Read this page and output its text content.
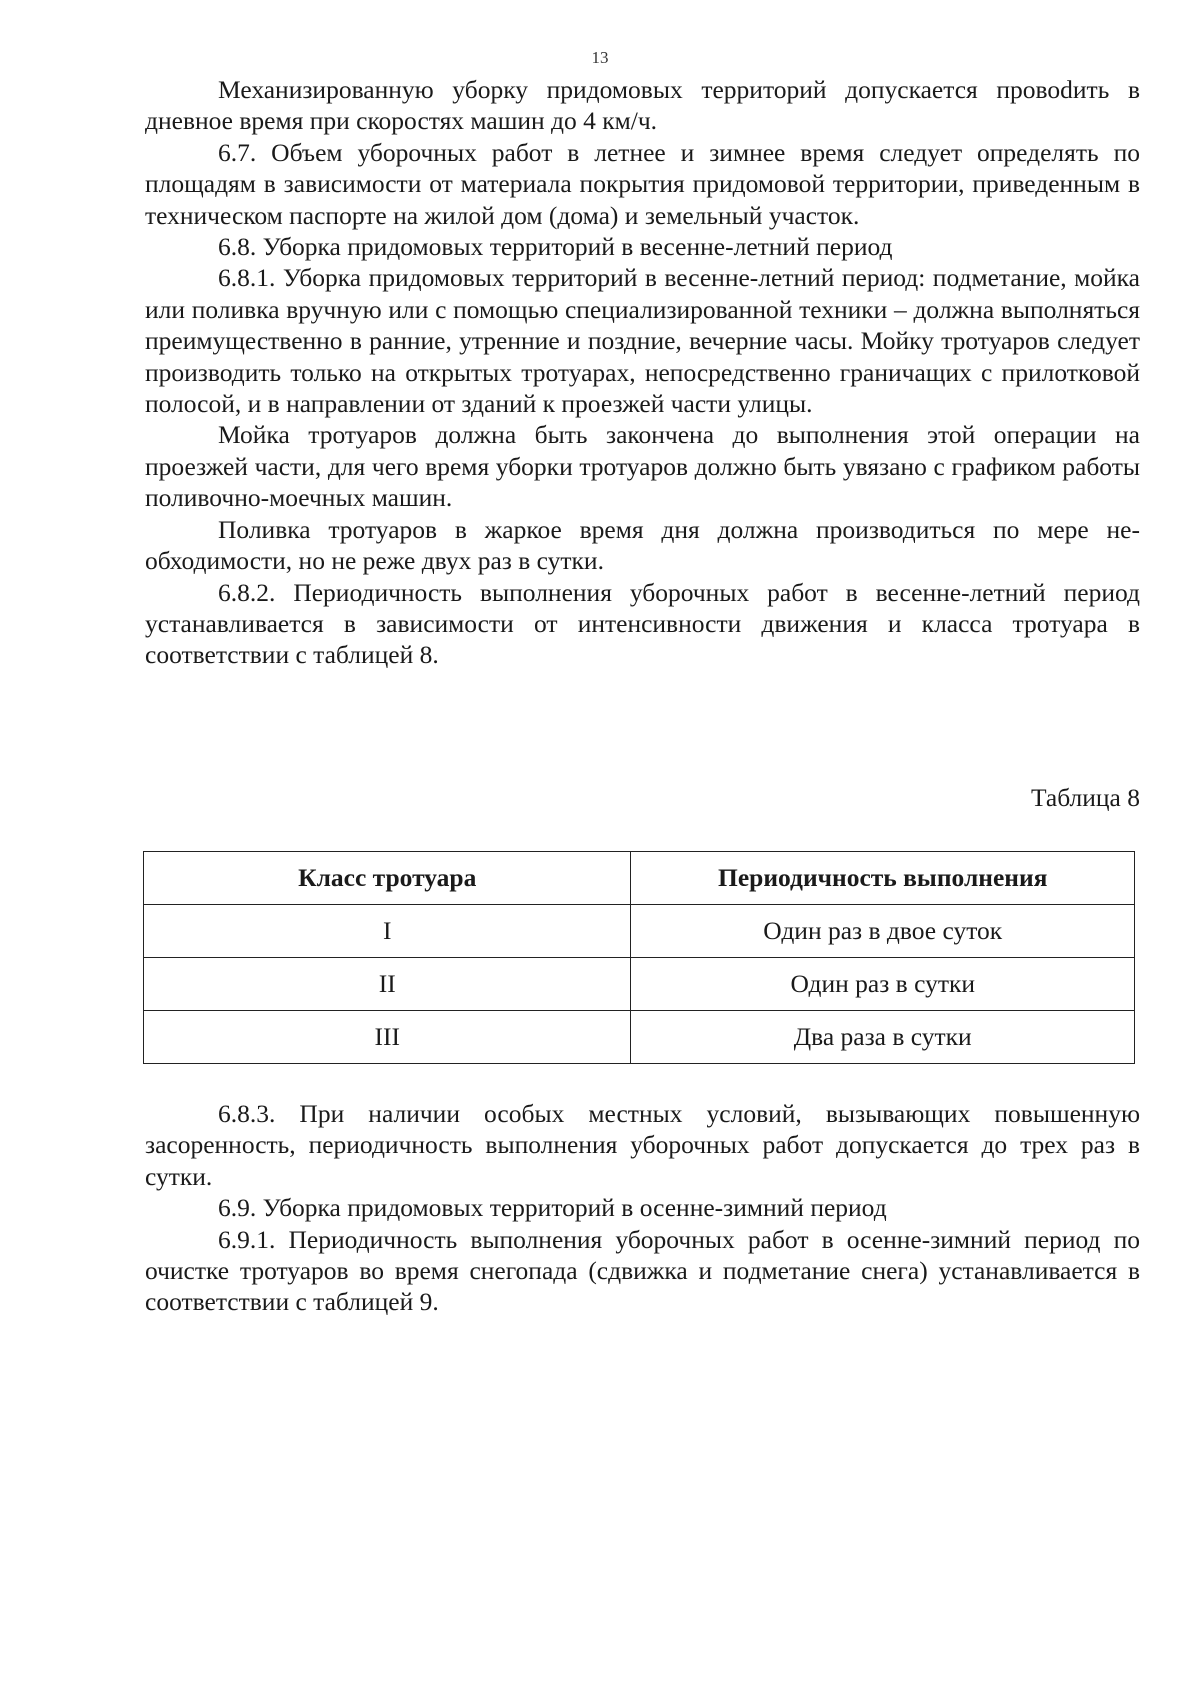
13

Механизированную уборку придомовых территорий допускается провоdить в дневное время при скоростях машин до 4 км/ч.

6.7. Объем уборочных работ в летнее и зимнее время следует определять по площадям в зависимости от материала покрытия придомовой территории, приведенным в техническом паспорте на жилой дом (дома) и земельный участок.

6.8. Уборка придомовых территорий в весенне-летний период

6.8.1. Уборка придомовых территорий в весенне-летний период: подметание, мойка или поливка вручную или с помощью специализированной техники – должна выполняться преимущественно в ранние, утренние и поздние, вечерние часы. Мойку тротуаров следует производить только на открытых тротуарах, непосредственно граничащих с прилотковой полосой, и в направлении от зданий к проезжей части улицы.

Мойка тротуаров должна быть закончена до выполнения этой операции на проезжей части, для чего время уборки тротуаров должно быть увязано с графиком работы поливочно-моечных машин.

Поливка тротуаров в жаркое время дня должна производиться по мере необходимости, но не реже двух раз в сутки.

6.8.2. Периодичность выполнения уборочных работ в весенне-летний период устанавливается в зависимости от интенсивности движения и класса тротуара в соответствии с таблицей 8.

Таблица 8
Класс тротуара	Периодичность выполнения
I	Один раз в двое суток
II	Один раз в сутки
III	Два раза в сутки

6.8.3. При наличии особых местных условий, вызывающих повышенную засоренность, периодичность выполнения уборочных работ допускается до трех раз в сутки.

6.9. Уборка придомовых территорий в осенне-зимний период

6.9.1. Периодичность выполнения уборочных работ в осенне-зимний период по очистке тротуаров во время снегопада (сдвижка и подметание снега) устанавливается в соответствии с таблицей 9.
